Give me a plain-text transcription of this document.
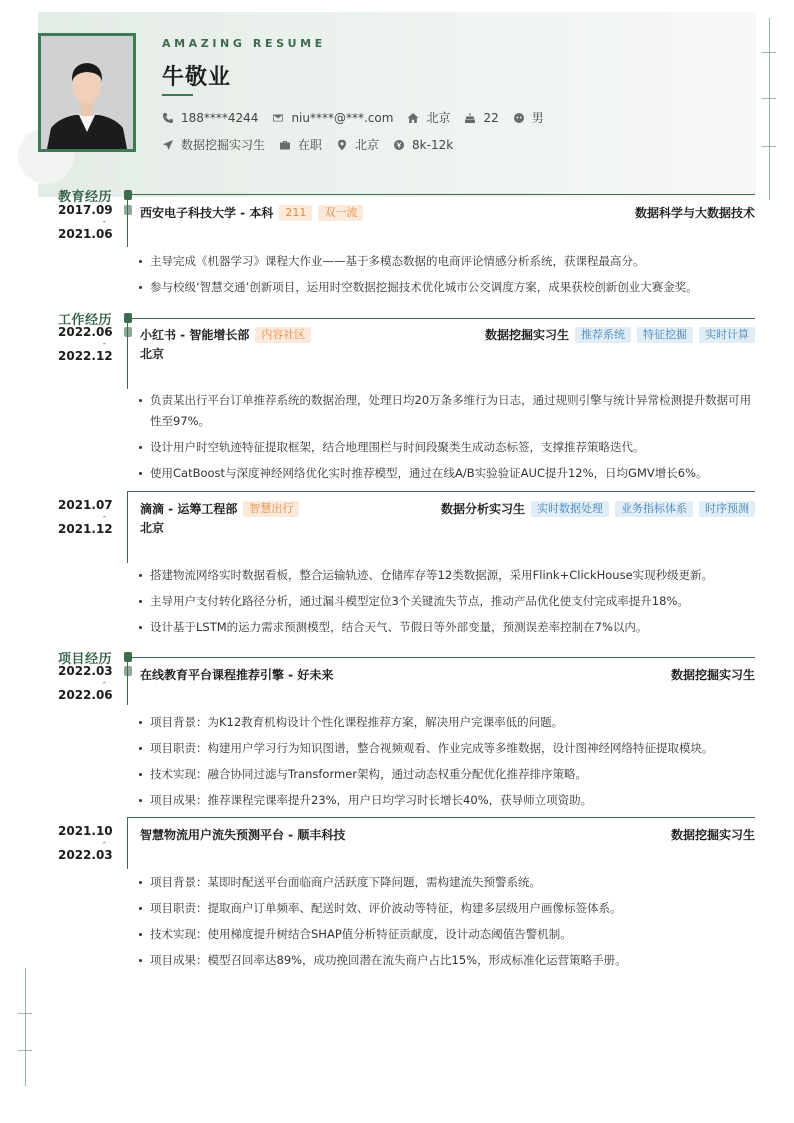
AMAZING RESUME
牛敬业
188****4244	niu****@***.com	北京	22	男
数据挖掘实习生	在职	北京	8k-12k
教育经历
2017.09
-
2021.06
西安电子科技大学 - 本科	211	双一流	数据科学与大数据技术
主导完成《机器学习》课程大作业——基于多模态数据的电商评论情感分析系统，获课程最高分。
参与校级‘智慧交通’创新项目，运用时空数据挖掘技术优化城市公交调度方案，成果获校创新创业大赛金奖。
工作经历
2022.06
-
2022.12
小红书 - 智能增长部	内容社区	数据挖掘实习生	推荐系统	特征挖掘	实时计算
北京
负责某出行平台订单推荐系统的数据治理，处理日均20万条多维行为日志，通过规则引擎与统计异常检测提升数据可用性至97%。
设计用户时空轨迹特征提取框架，结合地理围栏与时间段聚类生成动态标签，支撑推荐策略迭代。
使用CatBoost与深度神经网络优化实时推荐模型，通过在线A/B实验验证AUC提升12%，日均GMV增长6%。
2021.07
-
2021.12
滴滴 - 运筹工程部	智慧出行	数据分析实习生	实时数据处理	业务指标体系	时序预测
北京
搭建物流网络实时数据看板，整合运输轨迹、仓储库存等12类数据源，采用Flink+ClickHouse实现秒级更新。
主导用户支付转化路径分析，通过漏斗模型定位3个关键流失节点，推动产品优化使支付完成率提升18%。
设计基于LSTM的运力需求预测模型，结合天气、节假日等外部变量，预测误差率控制在7%以内。
项目经历
2022.03
-
2022.06
在线教育平台课程推荐引擎 - 好未来	数据挖掘实习生
项目背景：为K12教育机构设计个性化课程推荐方案，解决用户完课率低的问题。
项目职责：构建用户学习行为知识图谱，整合视频观看、作业完成等多维数据，设计图神经网络特征提取模块。
技术实现：融合协同过滤与Transformer架构，通过动态权重分配优化推荐排序策略。
项目成果：推荐课程完课率提升23%，用户日均学习时长增长40%，获导师立项资助。
2021.10
-
2022.03
智慧物流用户流失预测平台 - 顺丰科技	数据挖掘实习生
项目背景：某即时配送平台面临商户活跃度下降问题，需构建流失预警系统。
项目职责：提取商户订单频率、配送时效、评价波动等特征，构建多层级用户画像标签体系。
技术实现：使用梯度提升树结合SHAP值分析特征贡献度，设计动态阈值告警机制。
项目成果：模型召回率达89%，成功挽回潜在流失商户占比15%，形成标准化运营策略手册。
